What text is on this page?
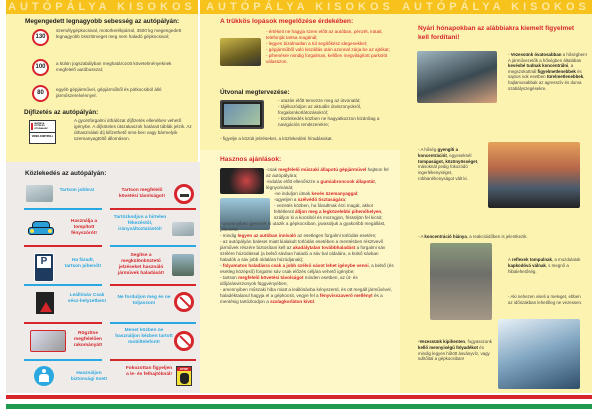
AUTÓPÁLYA KISOKOS
Megengedett legnagyobb sebesség az autópályán:
130
személygépkocsival, motorkerékpárral, 3500 kg megengedett legnagyobb össztömeget meg nem haladó gépkocsival;
100
a külön jogszabályban meghatározott követelményeknek megfelelő autóbusszal;
80
egyéb gépjárművel, gépjárműből és pótkocsiból álló járműszerelvénnyel.
Díjfizetés az autópályán:
MATRICA KÖTELES ÚTSZAKASZ
VIDEO-KONTROLL
A gyorsforgalmi úthálózat díjfizetés ellenében vehető igénybe. A díjköteles útszakaszok határait táblák jelzik. Az úthasználati díj kifizethető sms-ben vagy bármelyik üzemanyagtöltő állomáson.
Közlekedés az autópályán:
Tartson jobbra!	Tartson megfelelő követési távolságot!
Használja a tompított fényszórót!
Tartózkodjon a hirtelen fékezéstől, irányváltoztatástól!
P	Ha fáradt, tartson pihenőt!
Segítse a megkülönböztető jelzéseket használó járművek haladását!
Leállósáv Csak vész-helyzetben!
Ne forduljon meg és ne toljasson!
Rögzítse megfelelően rakományát!
Menet közben ne használjon kézben tartott mobiltelefont!
Használjon biztonsági övet!
Fokozottan figyeljen a le- és felhajtóknál!
STOP
AUTÓPÁLYA KISOKOS
A trükkös lopások megelőzése érdekében:
- értékeit ne hagyja szem előtt az autóban, pénzét, iratait, telefonját tartsa magánál;
- legyen bizalmatlan a túl segítőkész idegenekkel;
- gépjárműből való kiszállás után azonnal zárja be az ajtókat;
- pihenésre mindig forgalmas, kellően megvilágított parkolót válasszon.
Útvonal megtervezése:
- utazás előtt tervezze meg az útvonalát;
- tájékozódjon az aktuális útviszonyokról, forgalomkorlátozásokról;
- közlekedés közben ne hagyatkozzon kizárólag a navigációs rendszerekre;
- figyelje a közúti jelzéseket, a közlekedési híradásokat.
Hasznos ajánlások:
-csak megfelelő műszaki állapotú gépjárművel hajtson fel az autópályára;
-indulás előtt ellenőrizze a gumiabroncsok állapotát, légnyomását;
-ne induljon útnak kevés üzemanyaggal;
-ügyeljen a szélvédő tisztaságára;
- vezetés közben, ha fáradtnak érzi magát, akkor feltétlenül álljon meg a legközelebbi pihenőhelyen, szálljon ki a kocsiból és mozogjon, frissüljön fel kicsit;
- amennyiben gyermek is utazik a gépkocsiban, javasoljuk a gyakoribb megállást, pihenést;
- mindig legyen az autóban innivaló az esetleges forgalmi torlódás esetére;
- az autópályán baleset miatt kialakult torlódás esetében a mentésben résztvevő járművek részére biztosítani kell az akadálytalan továbbhaladást a forgalmi sáv szélére húzódással (a belső sávban haladó a sáv bal oldalára, a külső sávban haladók a sáv jobb oldalára húzódjanak);
- folyamatos haladásra csak a jobb szélső sávot lehet igénybe venni, a belső (és esetleg középső) forgalmi sáv csak előzés céljára vehető igénybe;
- tartson megfelelő követési távolságot minden esetben, az út- és időjárásviszonyok függvényében;
- amennyiben műszaki hiba miatt a leállósávba kényszerül, és ott megáll járművével, haladéktalanul hagyja el a gépkocsit, vegye fel a fényvisszaverő mellényt és a mentésig tartózkodjon a szalagkorláton kívül.
AUTÓPÁLYA KISOKOS
Nyári hónapokban az alábbiakra kiemelt figyelmet kell fordítani!
- Vezessünk óvatosabban a hőségben! A járművezetők a hőségben általában kevésbé tudnak koncentrálni, a megszokottnál figyelmetlenebbek és sajnos sok esetben türelmetlenebbek, hajlamosabbak az agresszív és durva szabályszegésekre.
- A hőség gyengíti a koncentrációt, egyeseknél tompaságot, közönyösséget, másoknál pedig fokozódó ingerlékenységet, robbanékonyságot vált ki.
- A koncentráció hiánya, a reakcióidőben is jelentkezik.
A reflexek tompulnak, a mozdulatok kapkodóvá válnak, s megnő a hibalehetőség.
- Aki nehezen viseli a meleget, ebben az időszakban lehetőleg ne vezessen.
-Vezessünk kipihenten, fogyasszunk kellő mennyiségű folyadékot és mindig legyen hűtött ásványvíz, vagy üdítőital a gépkocsiban!
